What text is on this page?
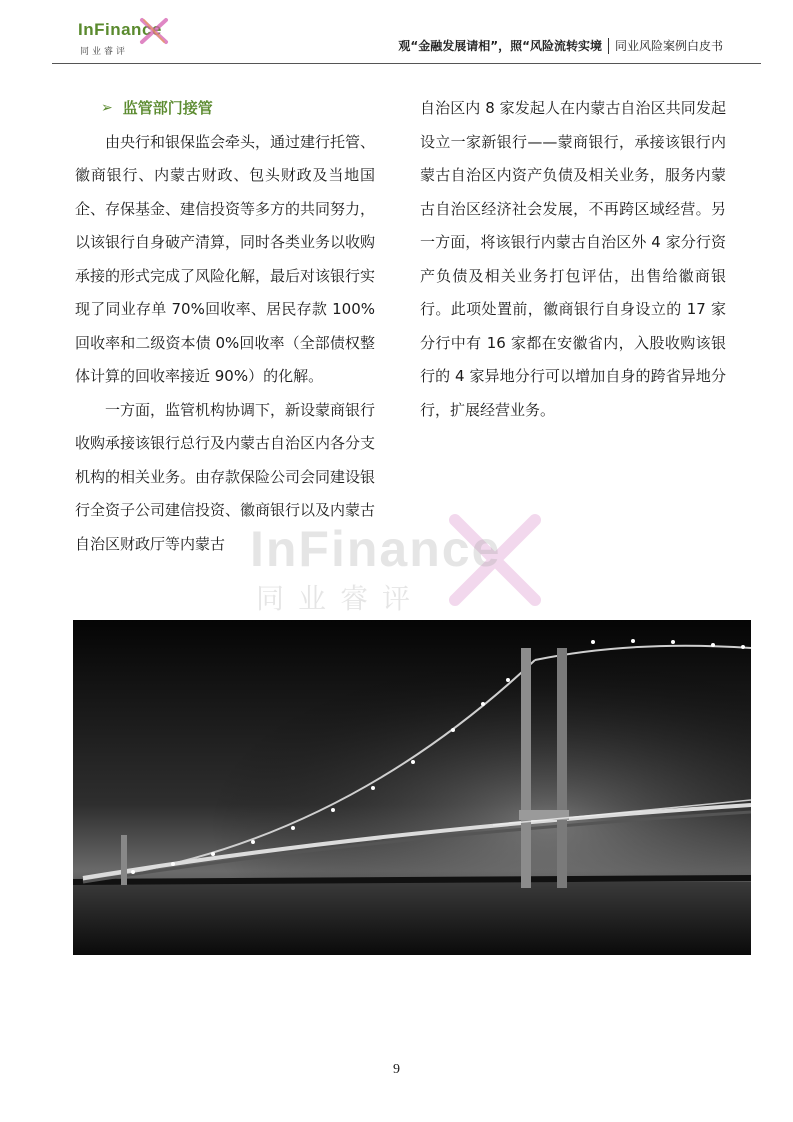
InFinance
同业睿评	观“金融发展请相”，照“风险流转实境 同业风险案例白皮书

➢ 监管部门接管

由央行和银保监会牵头，通过建行托管、徽商银行、内蒙古财政、包头财政及当地国企、存保基金、建信投资等多方的共同努力，以该银行自身破产清算，同时各类业务以收购承接的形式完成了风险化解，最后对该银行实现了同业存单 70%回收率、居民存款 100%回收率和二级资本债 0%回收率（全部债权整体计算的回收率接近 90%）的化解。

一方面，监管机构协调下，新设蒙商银行收购承接该银行总行及内蒙古自治区内各分支机构的相关业务。由存款保险公司会同建设银行全资子公司建信投资、徽商银行以及内蒙古自治区财政厅等内蒙古

自治区内 8 家发起人在内蒙古自治区共同发起设立一家新银行——蒙商银行，承接该银行内蒙古自治区内资产负债及相关业务，服务内蒙古自治区经济社会发展，不再跨区域经营。另一方面，将该银行内蒙古自治区外 4 家分行资产负债及相关业务打包评估，出售给徽商银行。此项处置前，徽商银行自身设立的 17 家分行中有 16 家都在安徽省内，入股收购该银行的 4 家异地分行可以增加自身的跨省异地分行，扩展经营业务。

InFinance
同业睿评
9
